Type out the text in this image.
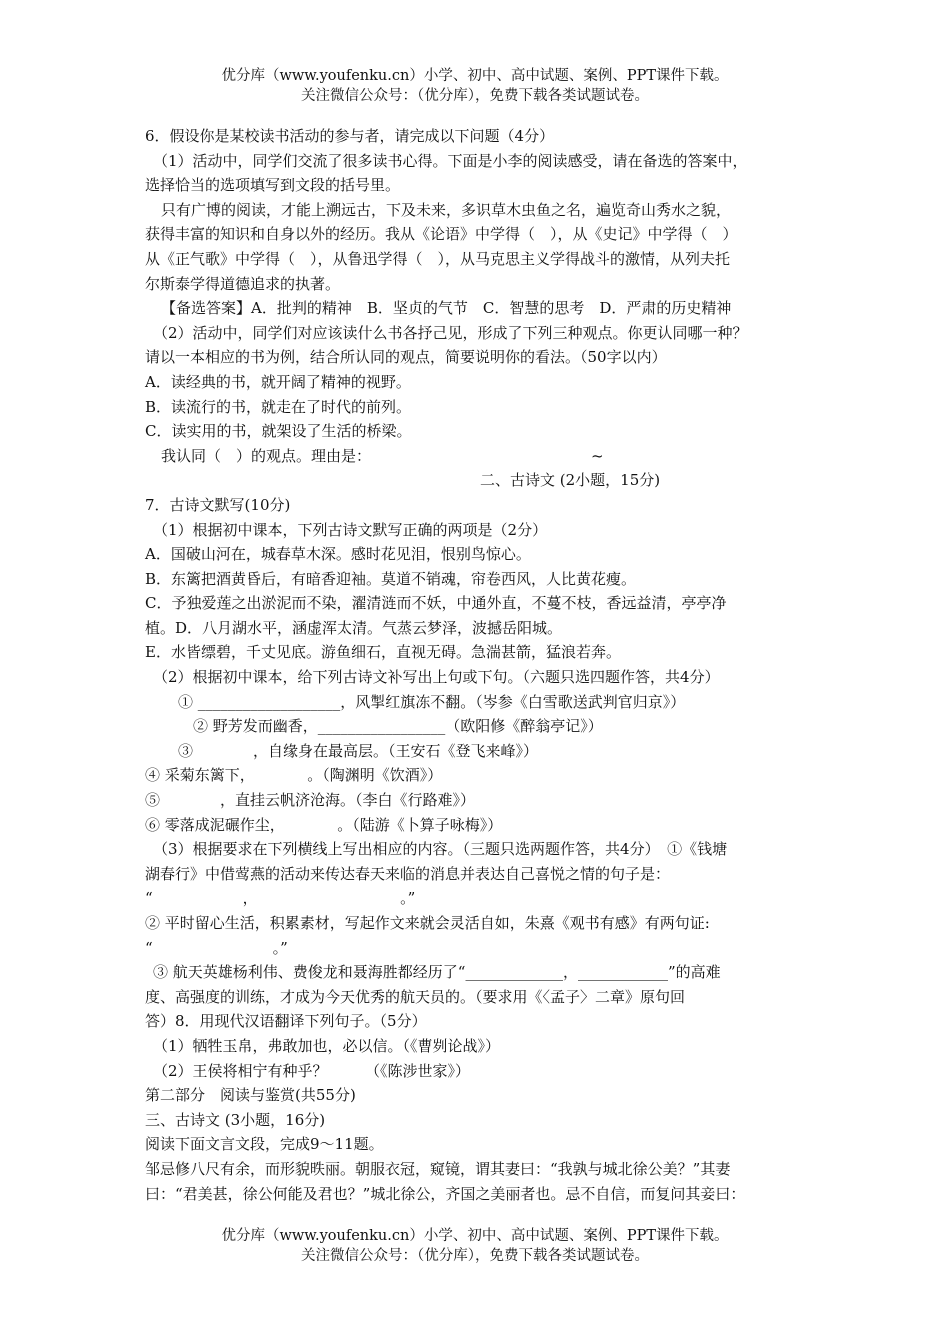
优分库（www.youfenku.cn）小学、初中、高中试题、案例、PPT课件下载。
关注微信公众号：（优分库），免费下载各类试题试卷。

6．假设你是某校读书活动的参与者，请完成以下问题（4分）

（1）活动中，同学们交流了很多读书心得。下面是小李的阅读感受，请在备选的答案中，

选择恰当的选项填写到文段的括号里。

只有广博的阅读，才能上溯远古，下及未来，多识草木虫鱼之名，遍览奇山秀水之貌，

获得丰富的知识和自身以外的经历。我从《论语》中学得（　），从《史记》中学得（　）

从《正气歌》中学得（　），从鲁迅学得（　），从马克思主义学得战斗的激情，从列夫托

尔斯泰学得道德追求的执著。

【备选答案】A．批判的精神　B．坚贞的气节　C．智慧的思考　D．严肃的历史精神

（2）活动中，同学们对应该读什么书各抒己见，形成了下列三种观点。你更认同哪一种？

请以一本相应的书为例，结合所认同的观点，简要说明你的看法。（50字以内）

A．读经典的书，就开阔了精神的视野。

B．读流行的书，就走在了时代的前列。

C．读实用的书，就架设了生活的桥梁。

我认同（　）的观点。理由是：	~

二、古诗文 (2小题，15分)

7．古诗文默写(10分)

（1）根据初中课本，下列古诗文默写正确的两项是（2分）

A．国破山河在，城春草木深。感时花见泪，恨别鸟惊心。

B．东篱把酒黄昏后，有暗香迎袖。莫道不销魂，帘卷西风，人比黄花瘦。

C．予独爱莲之出淤泥而不染，濯清涟而不妖，中通外直，不蔓不枝，香远益清，亭亭净

植。D．八月湖水平，涵虚浑太清。气蒸云梦泽，波撼岳阳城。

E．水皆缥碧，千丈见底。游鱼细石，直视无碍。急湍甚箭，猛浪若奔。

（2）根据初中课本，给下列古诗文补写出上句或下句。（六题只选四题作答，共4分）

① ___________________，风掣红旗冻不翻。（岑参《白雪歌送武判官归京》）

② 野芳发而幽香，_________________（欧阳修《醉翁亭记》）

③　　　　，自缘身在最高层。（王安石《登飞来峰》）

④ 采菊东篱下，　　　　。（陶渊明《饮酒》）

⑤　　　　，直挂云帆济沧海。（李白《行路难》）

⑥ 零落成泥碾作尘，　　　　。（陆游《卜算子咏梅》）

（3）根据要求在下列横线上写出相应的内容。（三题只选两题作答，共4分）　①《钱塘

湖春行》中借莺燕的活动来传达春天来临的消息并表达自己喜悦之情的句子是：

“　　　　　　，　　　　　　　　　　。”

② 平时留心生活，积累素材，写起作文来就会灵活自如，朱熹《观书有感》有两句证:

“　　　　　　　　。”

③ 航天英雄杨利伟、费俊龙和聂海胜都经历了“_____________，____________”的高难

度、高强度的训练，才成为今天优秀的航天员的。（要求用《〈孟子〉二章》原句回

答）8．用现代汉语翻译下列句子。（5分）

（1）牺牲玉帛，弗敢加也，必以信。（《曹刿论战》）

（2）王侯将相宁有种乎？　　　（《陈涉世家》）

第二部分　阅读与鉴赏(共55分)

三、古诗文 (3小题，16分)

阅读下面文言文段，完成9～11题。

邹忌修八尺有余，而形貌昳丽。朝服衣冠，窥镜，谓其妻曰：“我孰与城北徐公美？”其妻

曰：“君美甚，徐公何能及君也？”城北徐公，齐国之美丽者也。忌不自信，而复问其妾曰：

优分库（www.youfenku.cn）小学、初中、高中试题、案例、PPT课件下载。
关注微信公众号：（优分库），免费下载各类试题试卷。
